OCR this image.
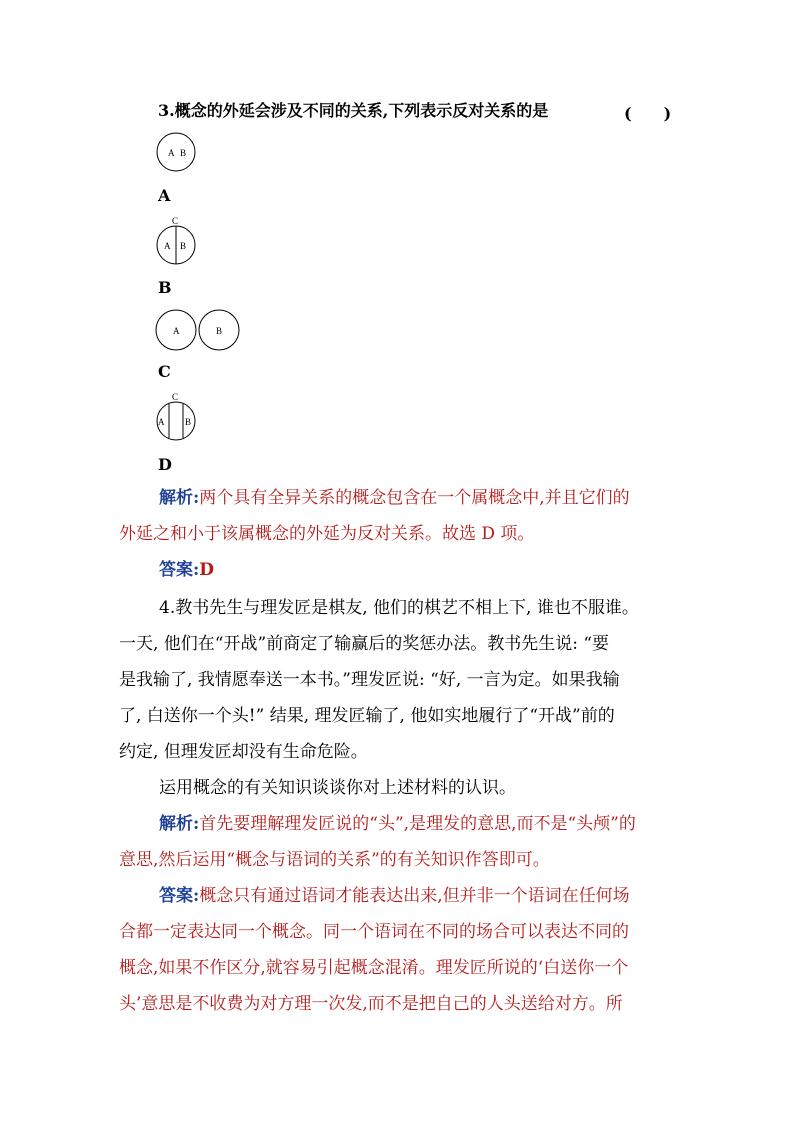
3.概念的外延会涉及不同的关系,下列表示反对关系的是	(　　)
A B
A
C
A B
B
A	B
C
C
A B
D
解析:两个具有全异关系的概念包含在一个属概念中,并且它们的
外延之和小于该属概念的外延为反对关系。故选 D 项。
答案:D
4.教书先生与理发匠是棋友, 他们的棋艺不相上下, 谁也不服谁。
一天, 他们在“开战”前商定了输赢后的奖惩办法。教书先生说: “要
是我输了, 我情愿奉送一本书。”理发匠说: “好, 一言为定。如果我输
了, 白送你一个头!” 结果, 理发匠输了, 他如实地履行了“开战”前的
约定, 但理发匠却没有生命危险。
运用概念的有关知识谈谈你对上述材料的认识。
解析:首先要理解理发匠说的“头”,是理发的意思,而不是“头颅”的
意思,然后运用“概念与语词的关系”的有关知识作答即可。
答案:概念只有通过语词才能表达出来,但并非一个语词在任何场
合都一定表达同一个概念。同一个语词在不同的场合可以表达不同的
概念,如果不作区分,就容易引起概念混淆。理发匠所说的‘白送你一个
头’意思是不收费为对方理一次发,而不是把自己的人头送给对方。所
